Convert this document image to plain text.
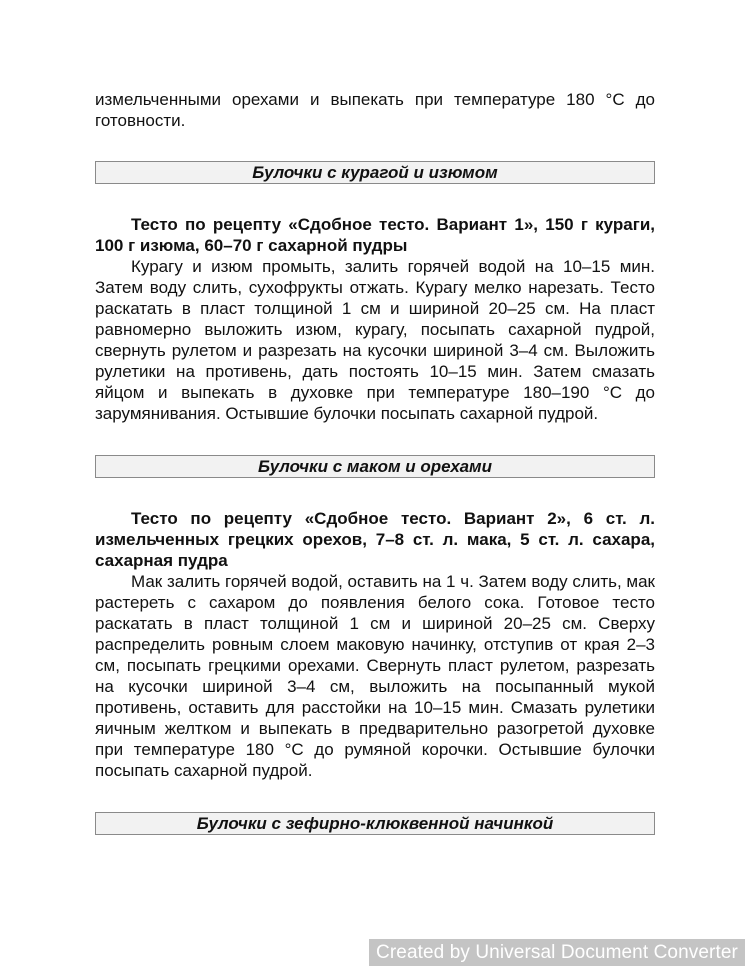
измельченными орехами и выпекать при температуре 180 °С до готовности.

Булочки с курагой и изюмом

Тесто по рецепту «Сдобное тесто. Вариант 1», 150 г кураги, 100 г изюма, 60–70 г сахарной пудры

Курагу и изюм промыть, залить горячей водой на 10–15 мин. Затем воду слить, сухофрукты отжать. Курагу мелко нарезать. Тесто раскатать в пласт толщиной 1 см и шириной 20–25 см. На пласт равномерно выложить изюм, курагу, посыпать сахарной пудрой, свернуть рулетом и разрезать на кусочки шириной 3–4 см. Выложить рулетики на противень, дать постоять 10–15 мин. Затем смазать яйцом и выпекать в духовке при температуре 180–190 °С до зарумянивания. Остывшие булочки посыпать сахарной пудрой.

Булочки с маком и орехами

Тесто по рецепту «Сдобное тесто. Вариант 2», 6 ст. л. измельченных грецких орехов, 7–8 ст. л. мака, 5 ст. л. сахара, сахарная пудра

Мак залить горячей водой, оставить на 1 ч. Затем воду слить, мак растереть с сахаром до появления белого сока. Готовое тесто раскатать в пласт толщиной 1 см и шириной 20–25 см. Сверху распределить ровным слоем маковую начинку, отступив от края 2–3 см, посыпать грецкими орехами. Свернуть пласт рулетом, разрезать на кусочки шириной 3–4 см, выложить на посыпанный мукой противень, оставить для расстойки на 10–15 мин. Смазать рулетики яичным желтком и выпекать в предварительно разогретой духовке при температуре 180 °С до румяной корочки. Остывшие булочки посыпать сахарной пудрой.

Булочки с зефирно-клюквенной начинкой
Created by Universal Document Converter
